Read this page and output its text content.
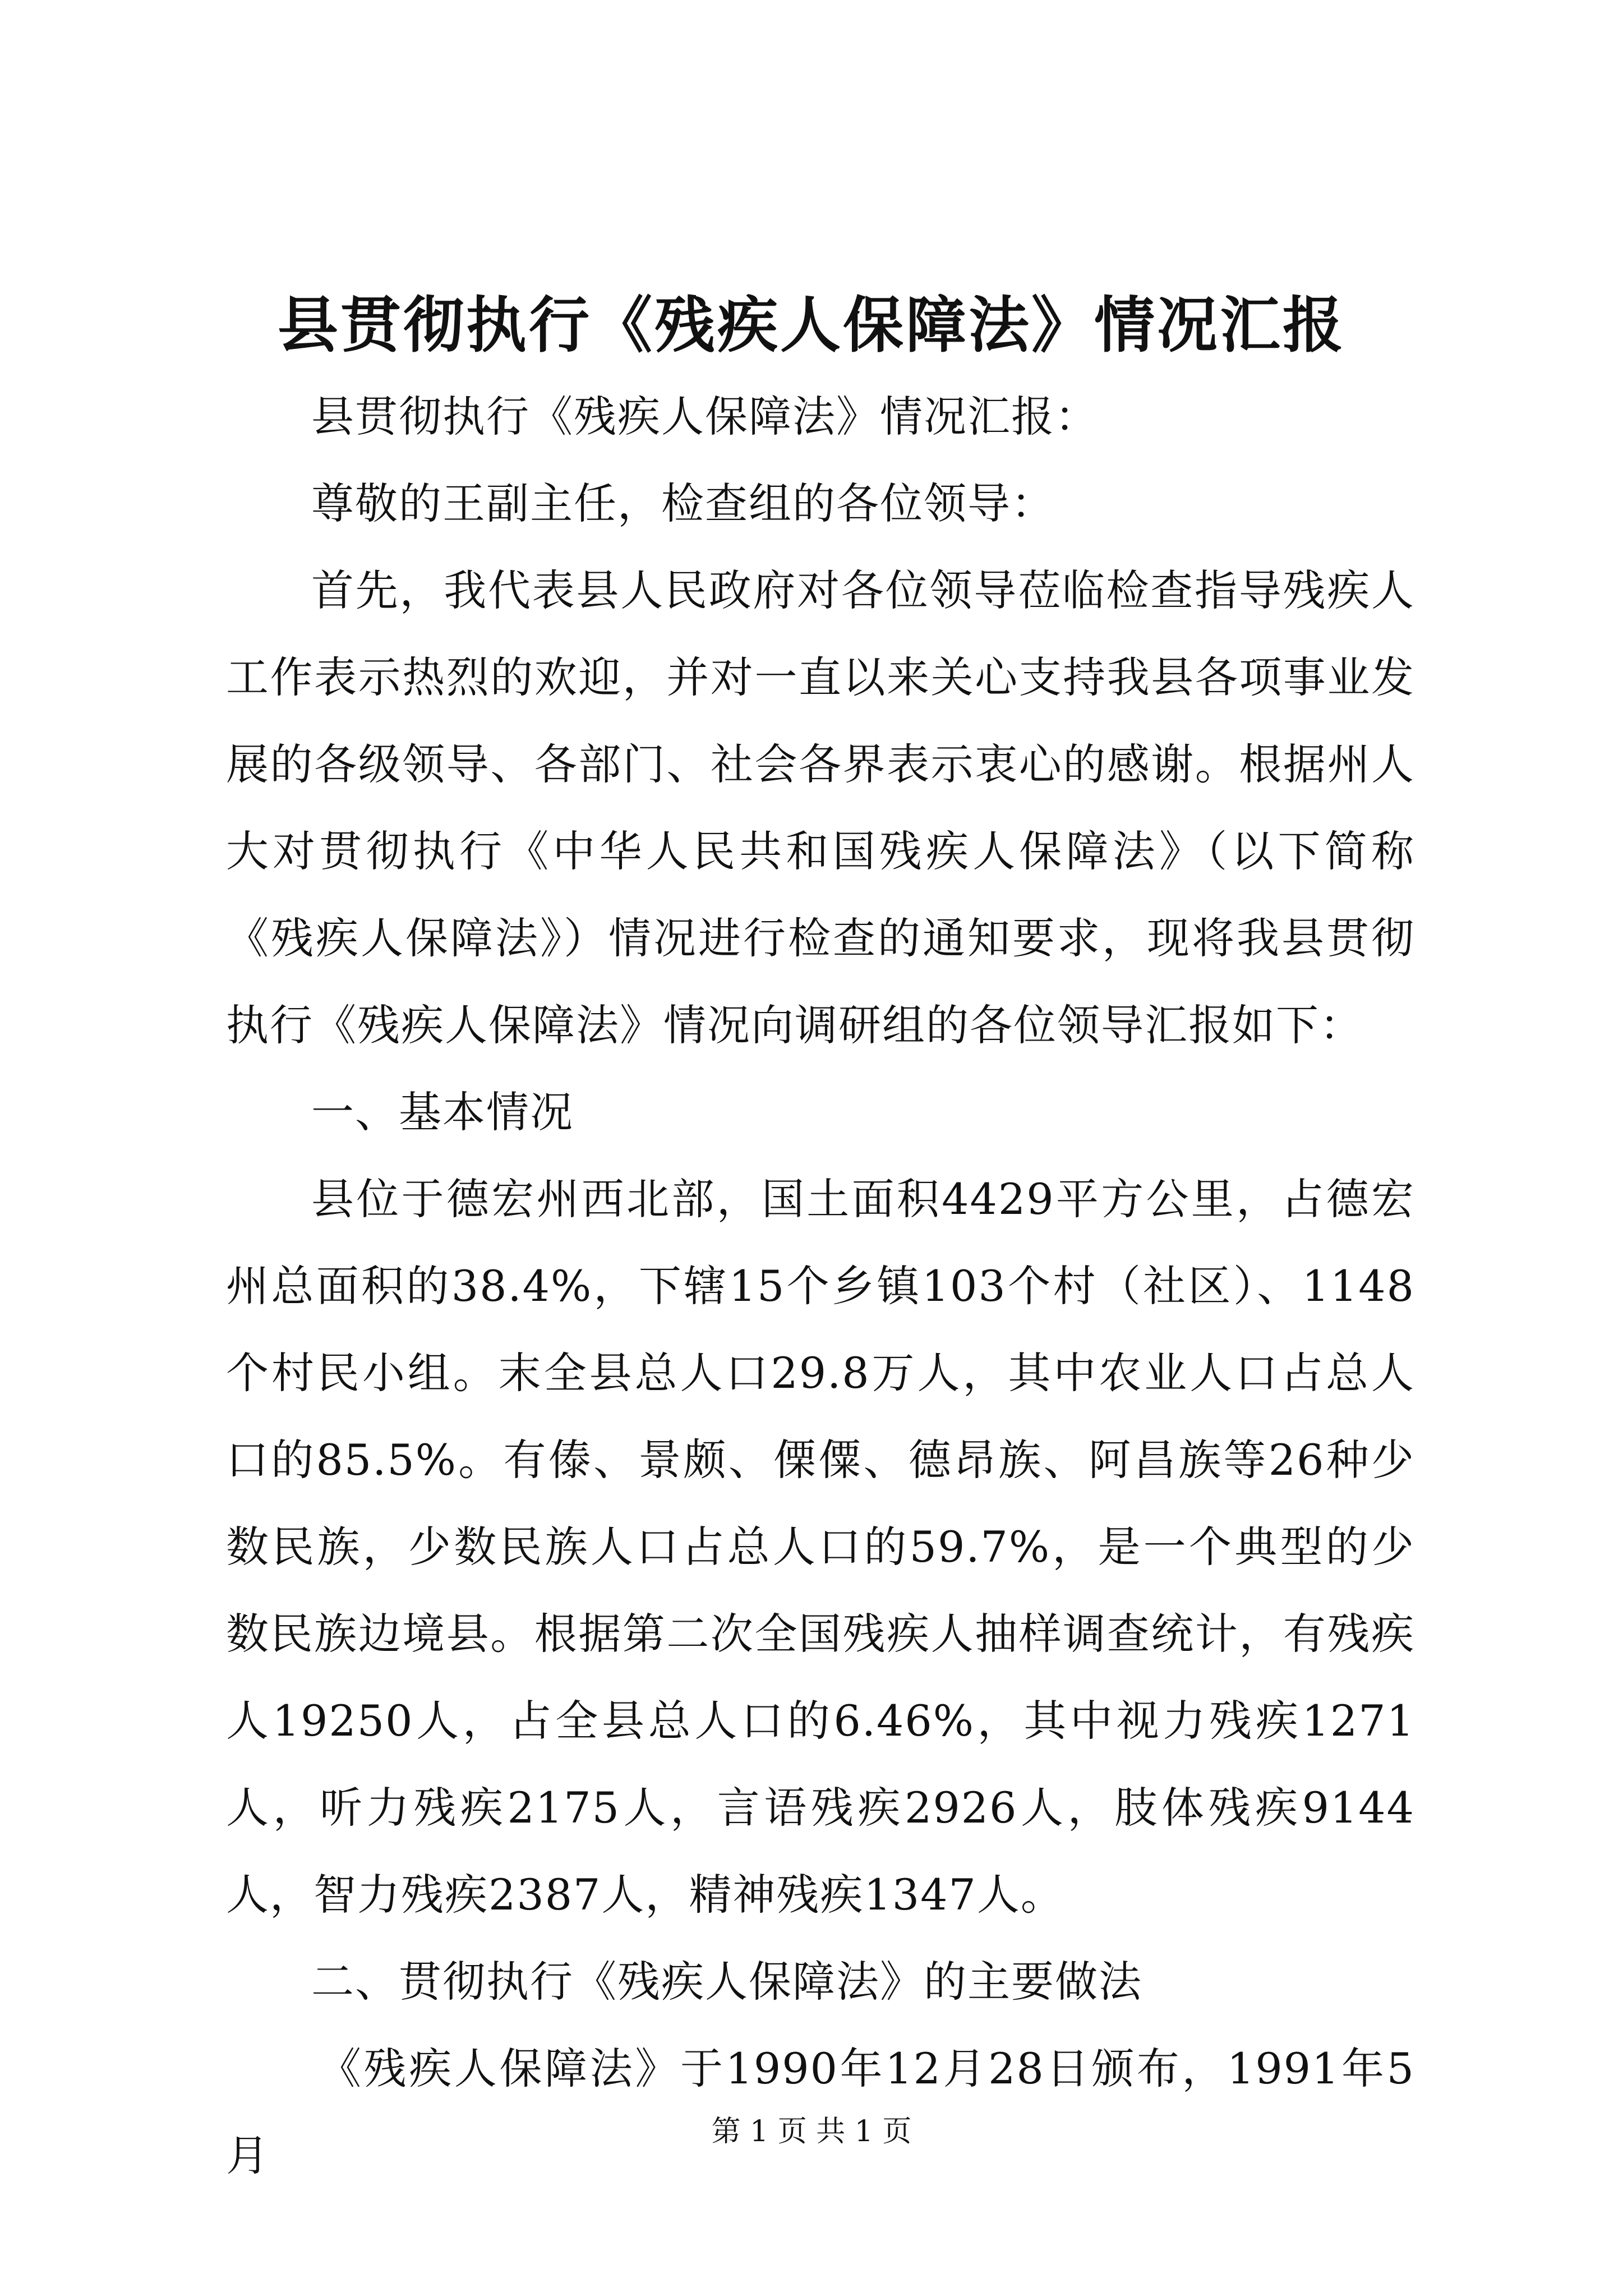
县贯彻执行《残疾人保障法》情况汇报

县贯彻执行《残疾人保障法》情况汇报：

尊敬的王副主任，检查组的各位领导：

首先，我代表县人民政府对各位领导莅临检查指导残疾人工作表示热烈的欢迎，并对一直以来关心支持我县各项事业发展的各级领导、各部门、社会各界表示衷心的感谢。根据州人大对贯彻执行《中华人民共和国残疾人保障法》（以下简称《残疾人保障法》）情况进行检查的通知要求，现将我县贯彻执行《残疾人保障法》情况向调研组的各位领导汇报如下：

一、基本情况

县位于德宏州西北部，国土面积4429平方公里，占德宏州总面积的38.4%，下辖15个乡镇103个村（社区）、1148个村民小组。末全县总人口29.8万人，其中农业人口占总人口的85.5%。有傣、景颇、傈僳、德昂族、阿昌族等26种少数民族，少数民族人口占总人口的59.7%，是一个典型的少数民族边境县。根据第二次全国残疾人抽样调查统计，有残疾人19250人，占全县总人口的6.46%，其中视力残疾1271人，听力残疾2175人，言语残疾2926人，肢体残疾9144人，智力残疾2387人，精神残疾1347人。

二、贯彻执行《残疾人保障法》的主要做法

《残疾人保障法》于1990年12月28日颁布，1991年5月	第 1 页 共 1 页
